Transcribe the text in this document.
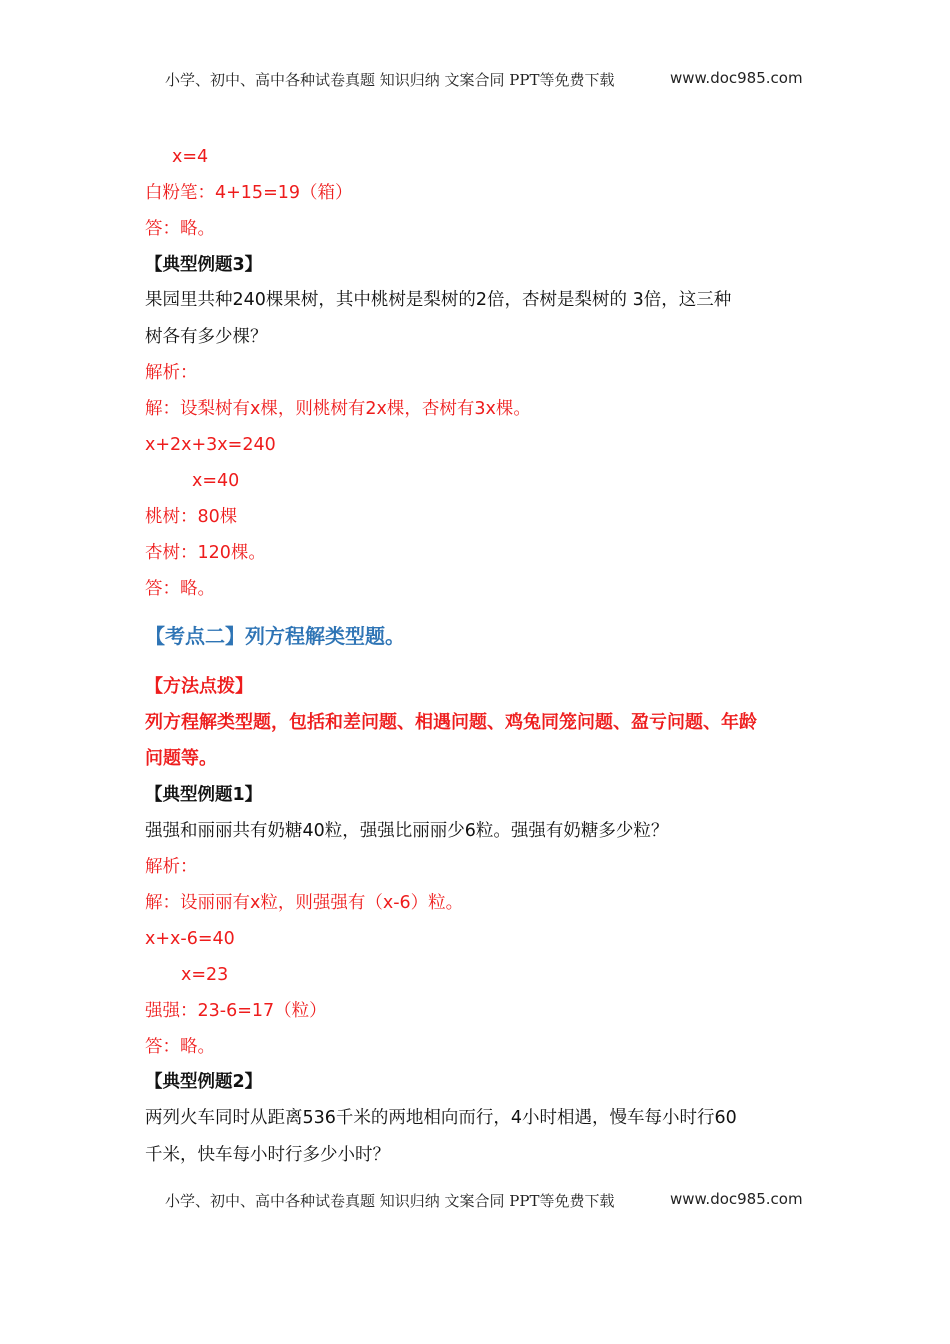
小学、初中、高中各种试卷真题 知识归纳 文案合同 PPT等免费下载	www.doc985.com
x=4
白粉笔：4+15=19（箱）
答：略。
【典型例题3】
果园里共种240棵果树，其中桃树是梨树的2倍，杏树是梨树的 3倍，这三种
树各有多少棵？
解析：
解：设梨树有x棵，则桃树有2x棵，杏树有3x棵。
x+2x+3x=240
x=40
桃树：80棵
杏树：120棵。
答：略。
【考点二】列方程解类型题。
【方法点拨】
列方程解类型题，包括和差问题、相遇问题、鸡兔同笼问题、盈亏问题、年龄
问题等。
【典型例题1】
强强和丽丽共有奶糖40粒，强强比丽丽少6粒。强强有奶糖多少粒？
解析：
解：设丽丽有x粒，则强强有（x-6）粒。
x+x-6=40
x=23
强强：23-6=17（粒）
答：略。
【典型例题2】
两列火车同时从距离536千米的两地相向而行，4小时相遇，慢车每小时行60
千米，快车每小时行多少小时？
小学、初中、高中各种试卷真题 知识归纳 文案合同 PPT等免费下载	www.doc985.com
